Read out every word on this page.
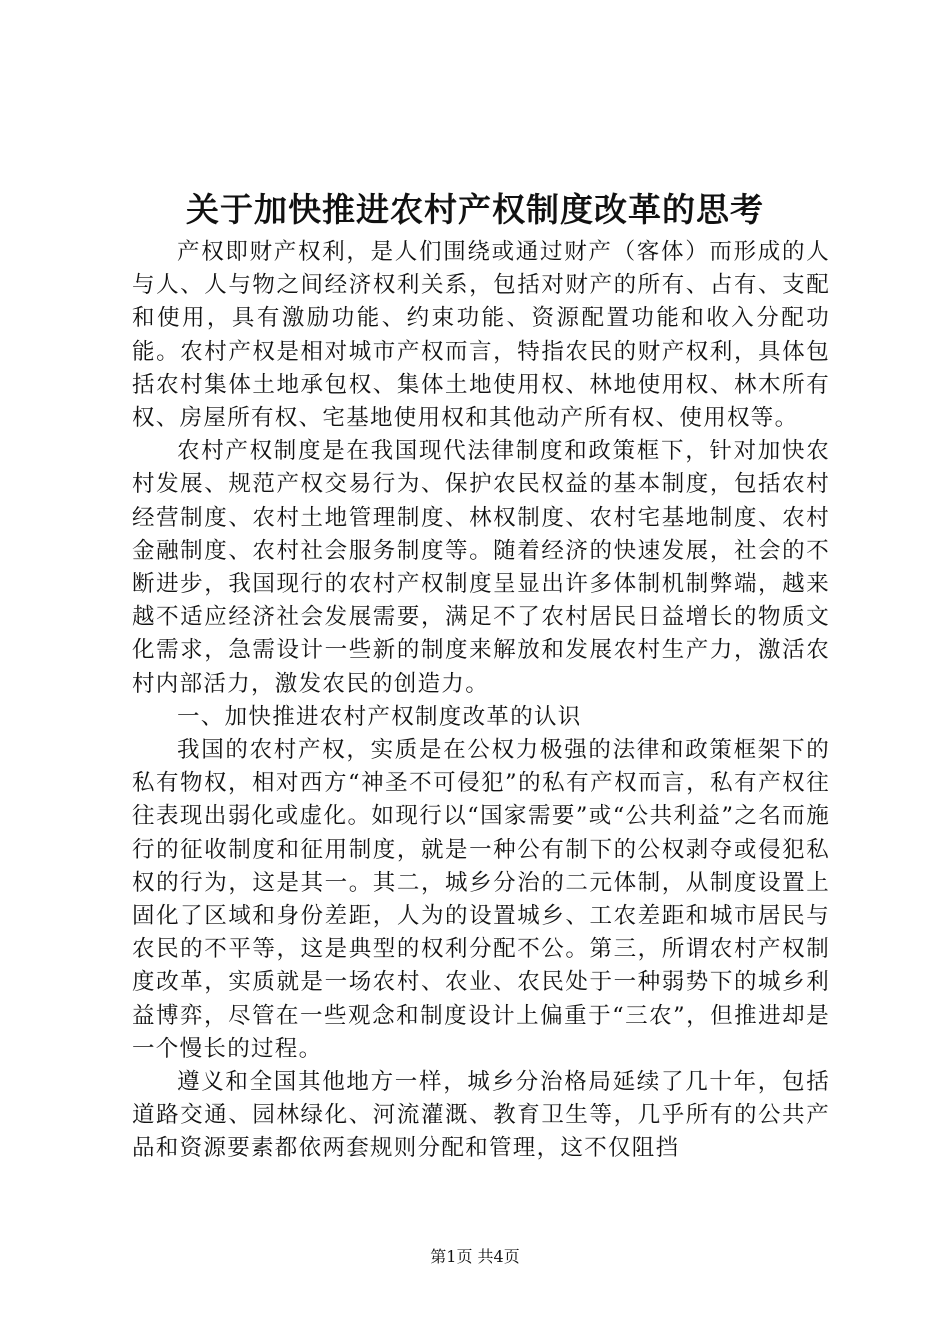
关于加快推进农村产权制度改革的思考

产权即财产权利，是人们围绕或通过财产（客体）而形成的人与人、人与物之间经济权利关系，包括对财产的所有、占有、支配和使用，具有激励功能、约束功能、资源配置功能和收入分配功能。农村产权是相对城市产权而言，特指农民的财产权利，具体包括农村集体土地承包权、集体土地使用权、林地使用权、林木所有权、房屋所有权、宅基地使用权和其他动产所有权、使用权等。

农村产权制度是在我国现代法律制度和政策框下，针对加快农村发展、规范产权交易行为、保护农民权益的基本制度，包括农村经营制度、农村土地管理制度、林权制度、农村宅基地制度、农村金融制度、农村社会服务制度等。随着经济的快速发展，社会的不断进步，我国现行的农村产权制度呈显出许多体制机制弊端，越来越不适应经济社会发展需要，满足不了农村居民日益增长的物质文化需求，急需设计一些新的制度来解放和发展农村生产力，激活农村内部活力，激发农民的创造力。

一、加快推进农村产权制度改革的认识

我国的农村产权，实质是在公权力极强的法律和政策框架下的私有物权，相对西方“神圣不可侵犯”的私有产权而言，私有产权往往表现出弱化或虚化。如现行以“国家需要”或“公共利益”之名而施行的征收制度和征用制度，就是一种公有制下的公权剥夺或侵犯私权的行为，这是其一。其二，城乡分治的二元体制，从制度设置上固化了区域和身份差距，人为的设置城乡、工农差距和城市居民与农民的不平等，这是典型的权利分配不公。第三，所谓农村产权制度改革，实质就是一场农村、农业、农民处于一种弱势下的城乡利益博弈，尽管在一些观念和制度设计上偏重于“三农”，但推进却是一个慢长的过程。

遵义和全国其他地方一样，城乡分治格局延续了几十年，包括道路交通、园林绿化、河流灌溉、教育卫生等，几乎所有的公共产品和资源要素都依两套规则分配和管理，这不仅阻挡

第1页 共4页
